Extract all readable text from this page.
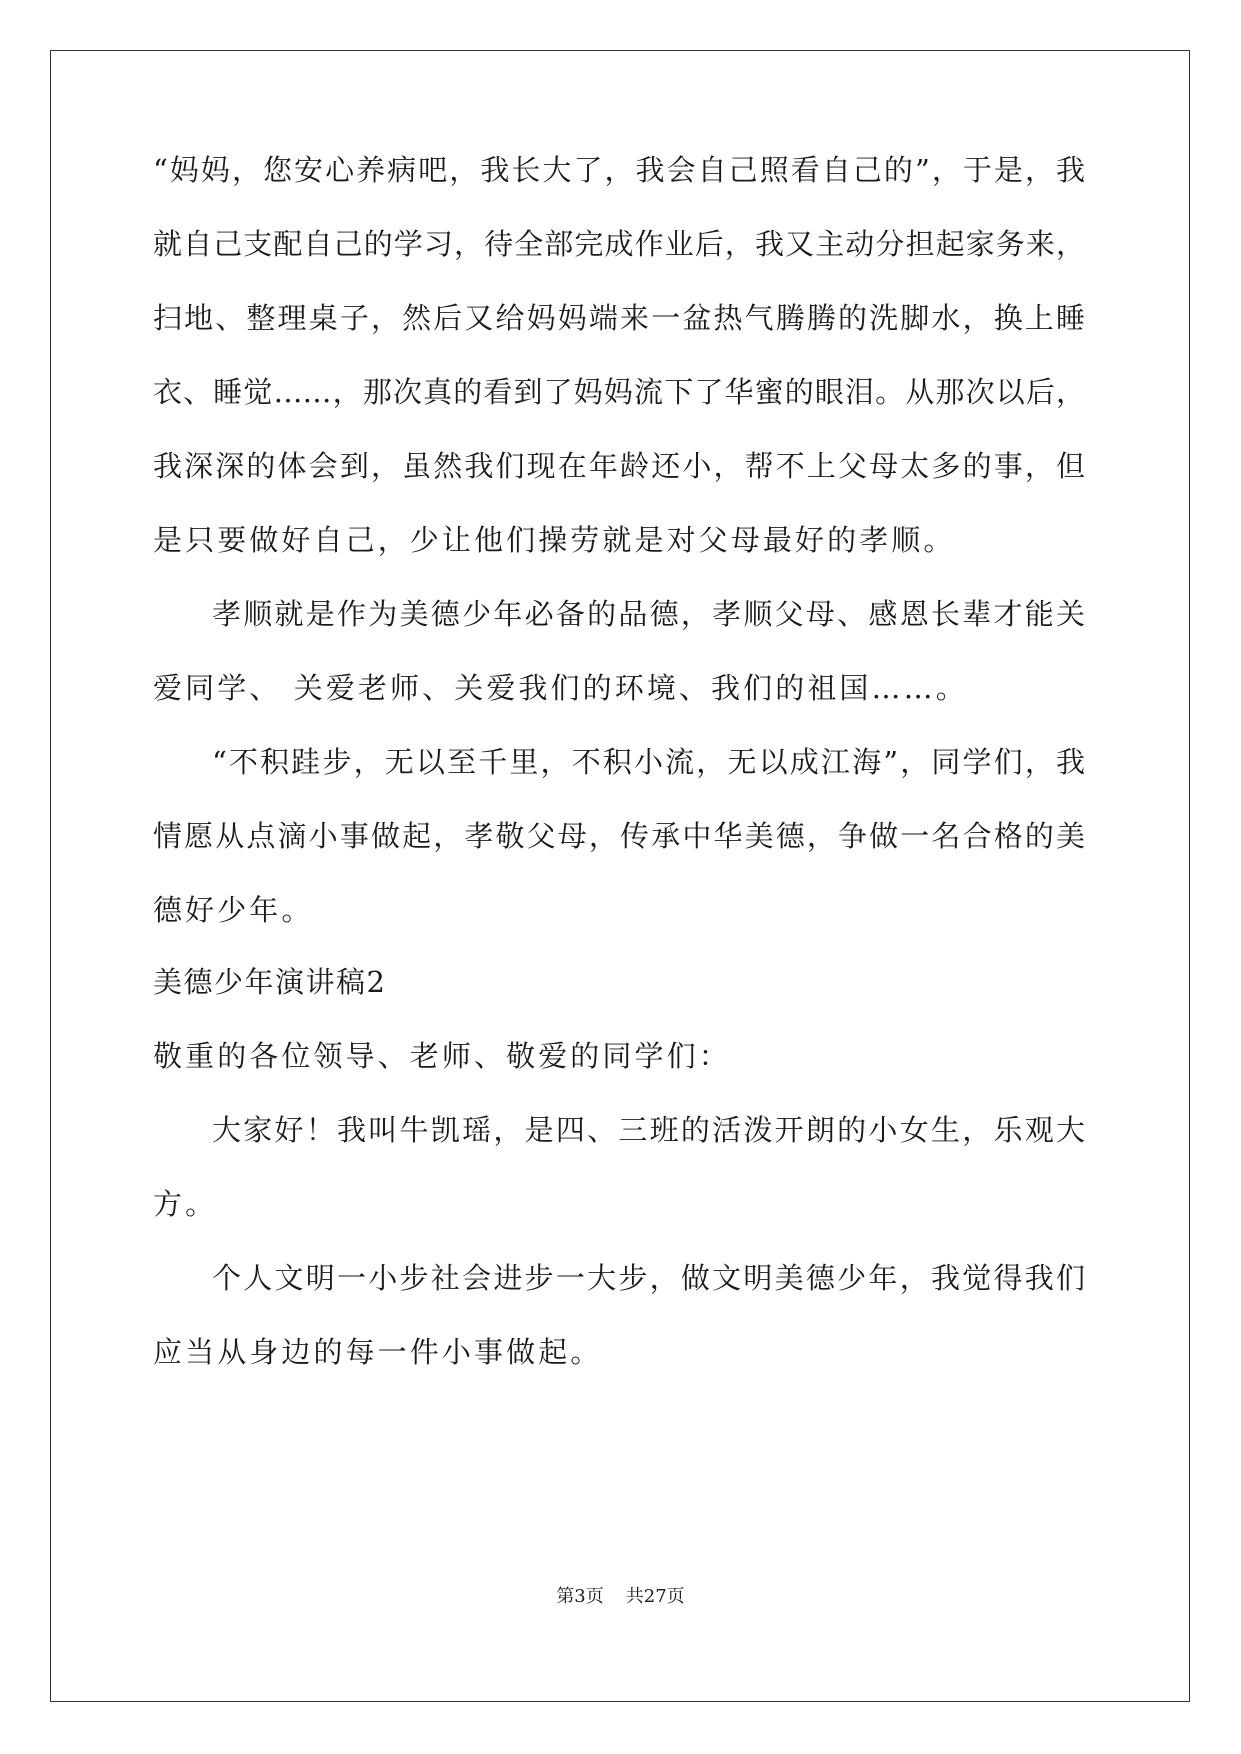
“妈妈，您安心养病吧，我长大了，我会自己照看自己的”，于是，我
就自己支配自己的学习，待全部完成作业后，我又主动分担起家务来，
扫地、整理桌子，然后又给妈妈端来一盆热气腾腾的洗脚水，换上睡
衣、睡觉……，那次真的看到了妈妈流下了华蜜的眼泪。从那次以后，
我深深的体会到，虽然我们现在年龄还小，帮不上父母太多的事，但
是只要做好自己，少让他们操劳就是对父母最好的孝顺。
孝顺就是作为美德少年必备的品德，孝顺父母、感恩长辈才能关
爱同学、 关爱老师、关爱我们的环境、我们的祖国……。
“不积跬步，无以至千里，不积小流，无以成江海”，同学们，我
情愿从点滴小事做起，孝敬父母，传承中华美德，争做一名合格的美
德好少年。
美德少年演讲稿2
敬重的各位领导、老师、敬爱的同学们：
大家好！我叫牛凯瑶，是四、三班的活泼开朗的小女生，乐观大
方。
个人文明一小步社会进步一大步，做文明美德少年，我觉得我们
应当从身边的每一件小事做起。
第3页 共27页
